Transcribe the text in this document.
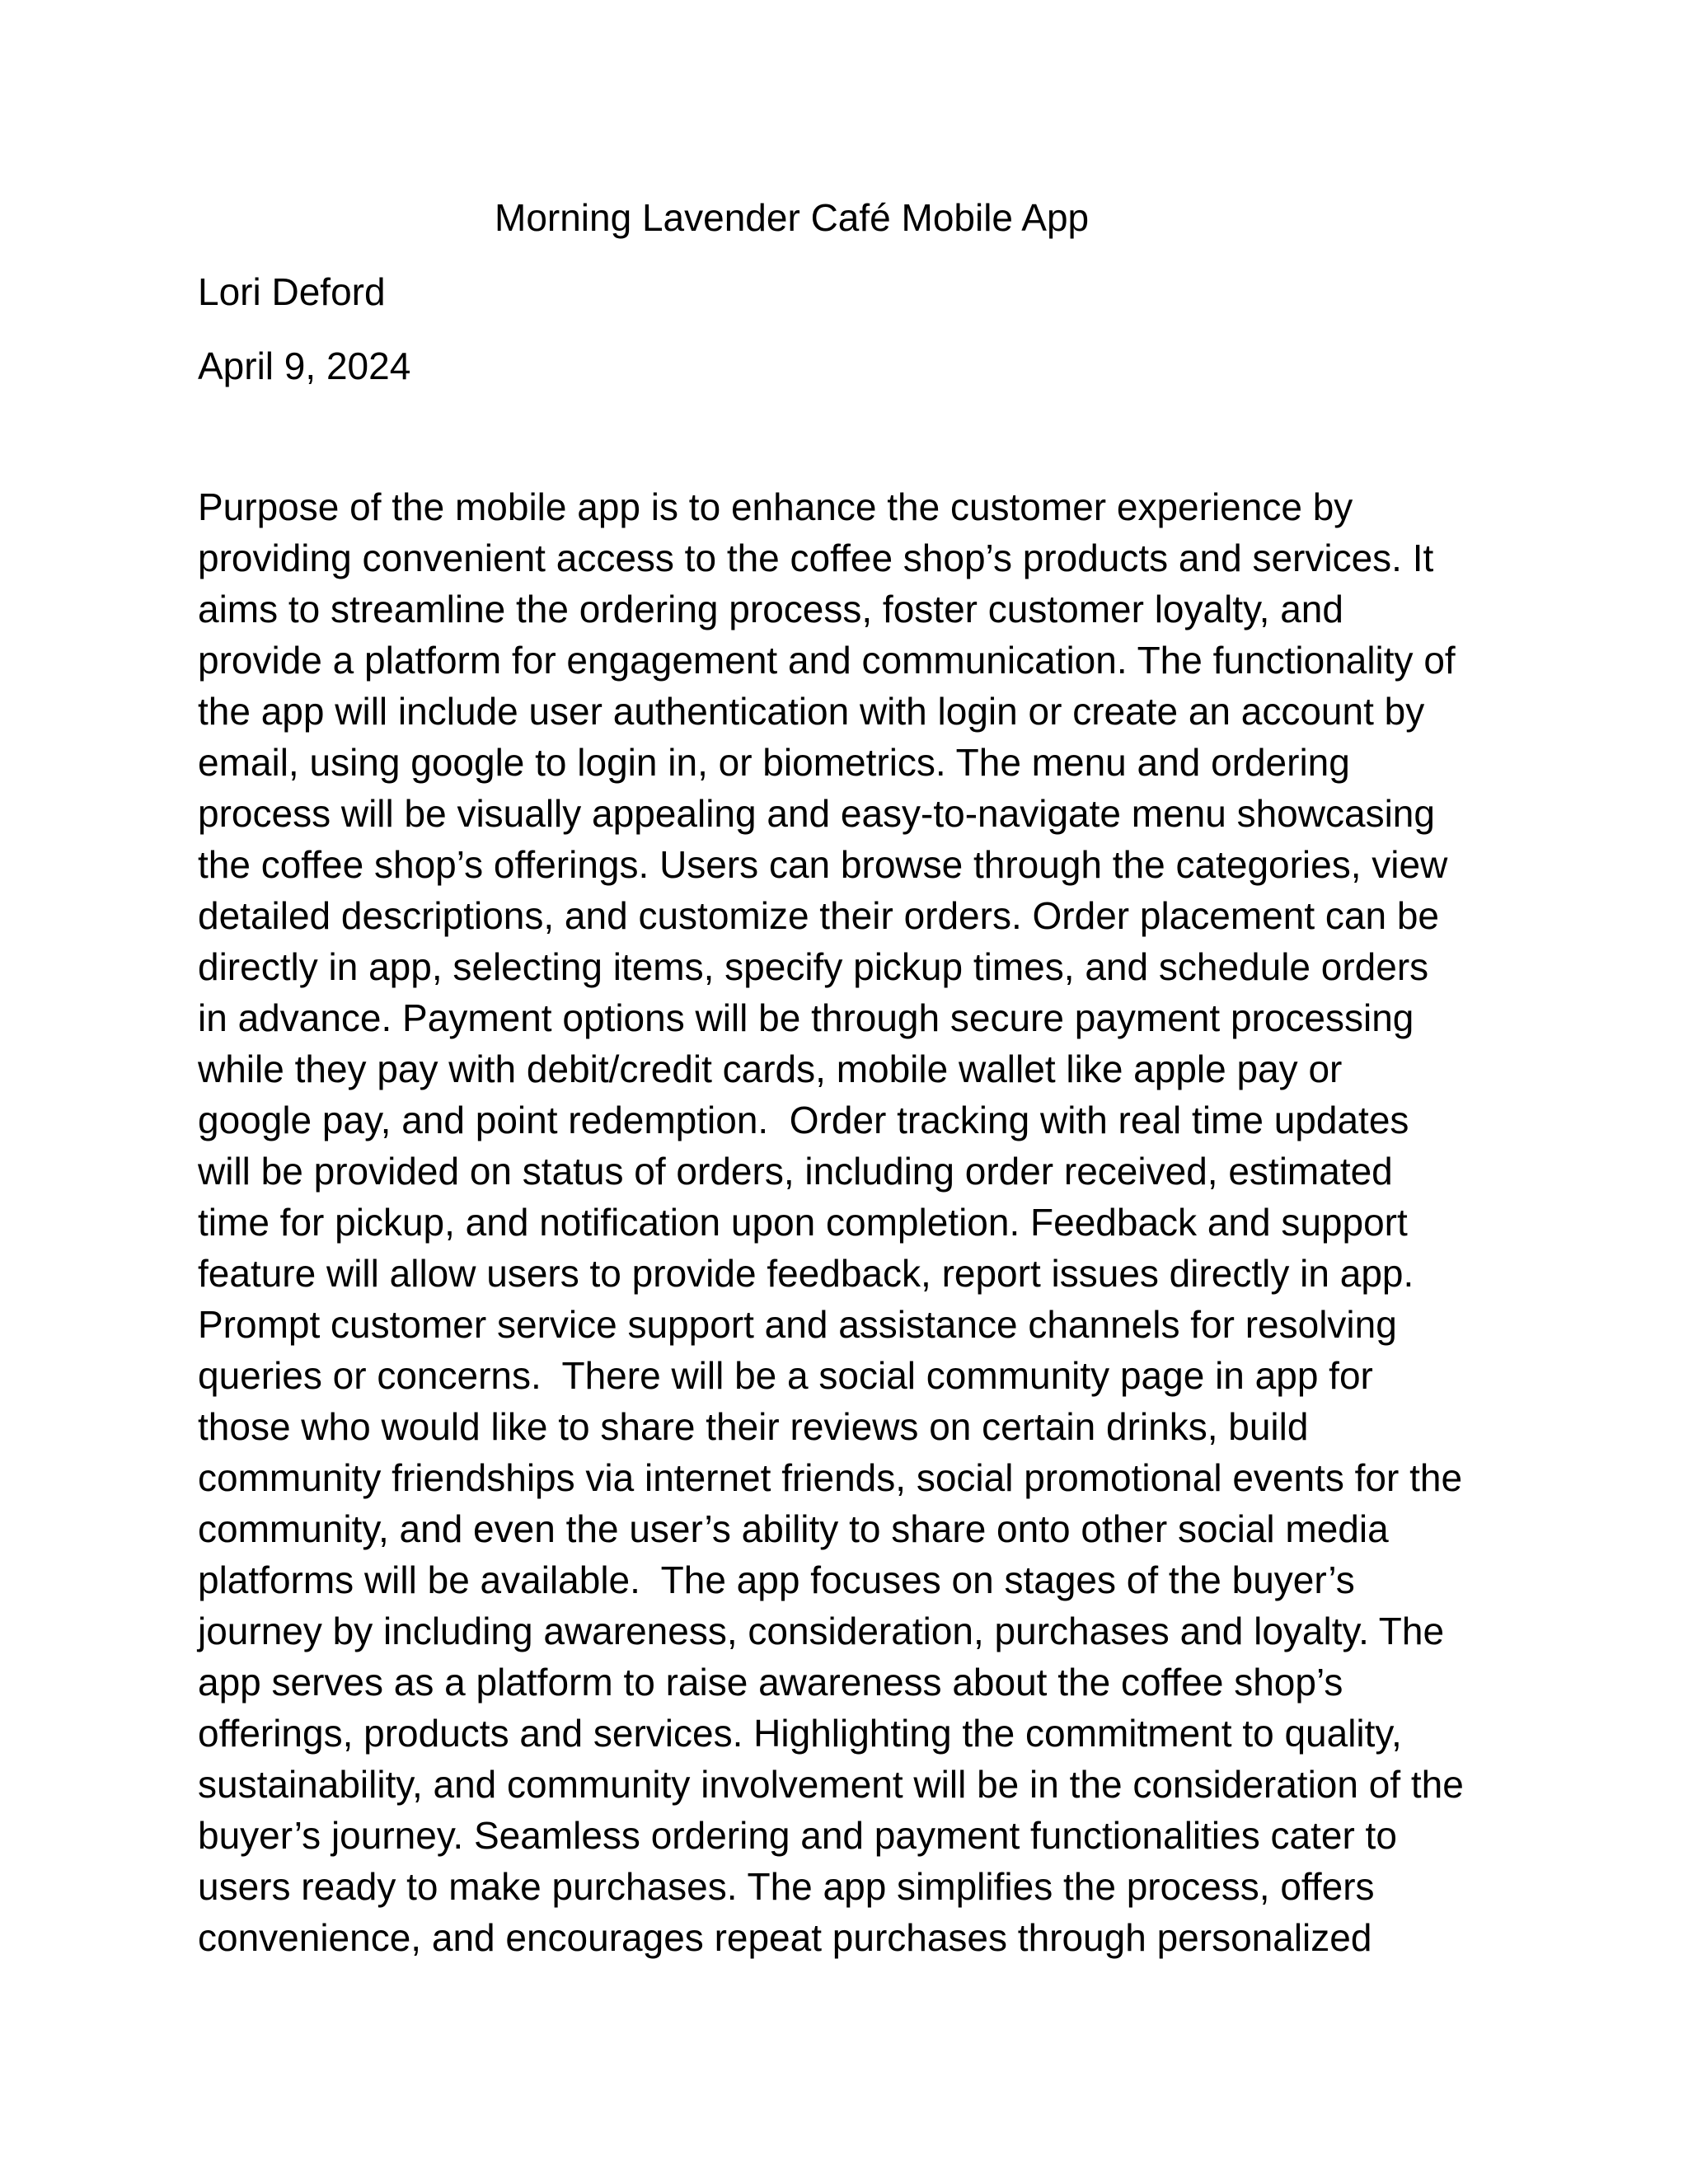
Morning Lavender Café Mobile App
Lori Deford
April 9, 2024
Purpose of the mobile app is to enhance the customer experience by
providing convenient access to the coffee shop’s products and services. It
aims to streamline the ordering process, foster customer loyalty, and
provide a platform for engagement and communication. The functionality of
the app will include user authentication with login or create an account by
email, using google to login in, or biometrics. The menu and ordering
process will be visually appealing and easy-to-navigate menu showcasing
the coffee shop’s offerings. Users can browse through the categories, view
detailed descriptions, and customize their orders. Order placement can be
directly in app, selecting items, specify pickup times, and schedule orders
in advance. Payment options will be through secure payment processing
while they pay with debit/credit cards, mobile wallet like apple pay or
google pay, and point redemption.  Order tracking with real time updates
will be provided on status of orders, including order received, estimated
time for pickup, and notification upon completion. Feedback and support
feature will allow users to provide feedback, report issues directly in app.
Prompt customer service support and assistance channels for resolving
queries or concerns.  There will be a social community page in app for
those who would like to share their reviews on certain drinks, build
community friendships via internet friends, social promotional events for the
community, and even the user’s ability to share onto other social media
platforms will be available.  The app focuses on stages of the buyer’s
journey by including awareness, consideration, purchases and loyalty. The
app serves as a platform to raise awareness about the coffee shop’s
offerings, products and services. Highlighting the commitment to quality,
sustainability, and community involvement will be in the consideration of the
buyer’s journey. Seamless ordering and payment functionalities cater to
users ready to make purchases. The app simplifies the process, offers
convenience, and encourages repeat purchases through personalized
